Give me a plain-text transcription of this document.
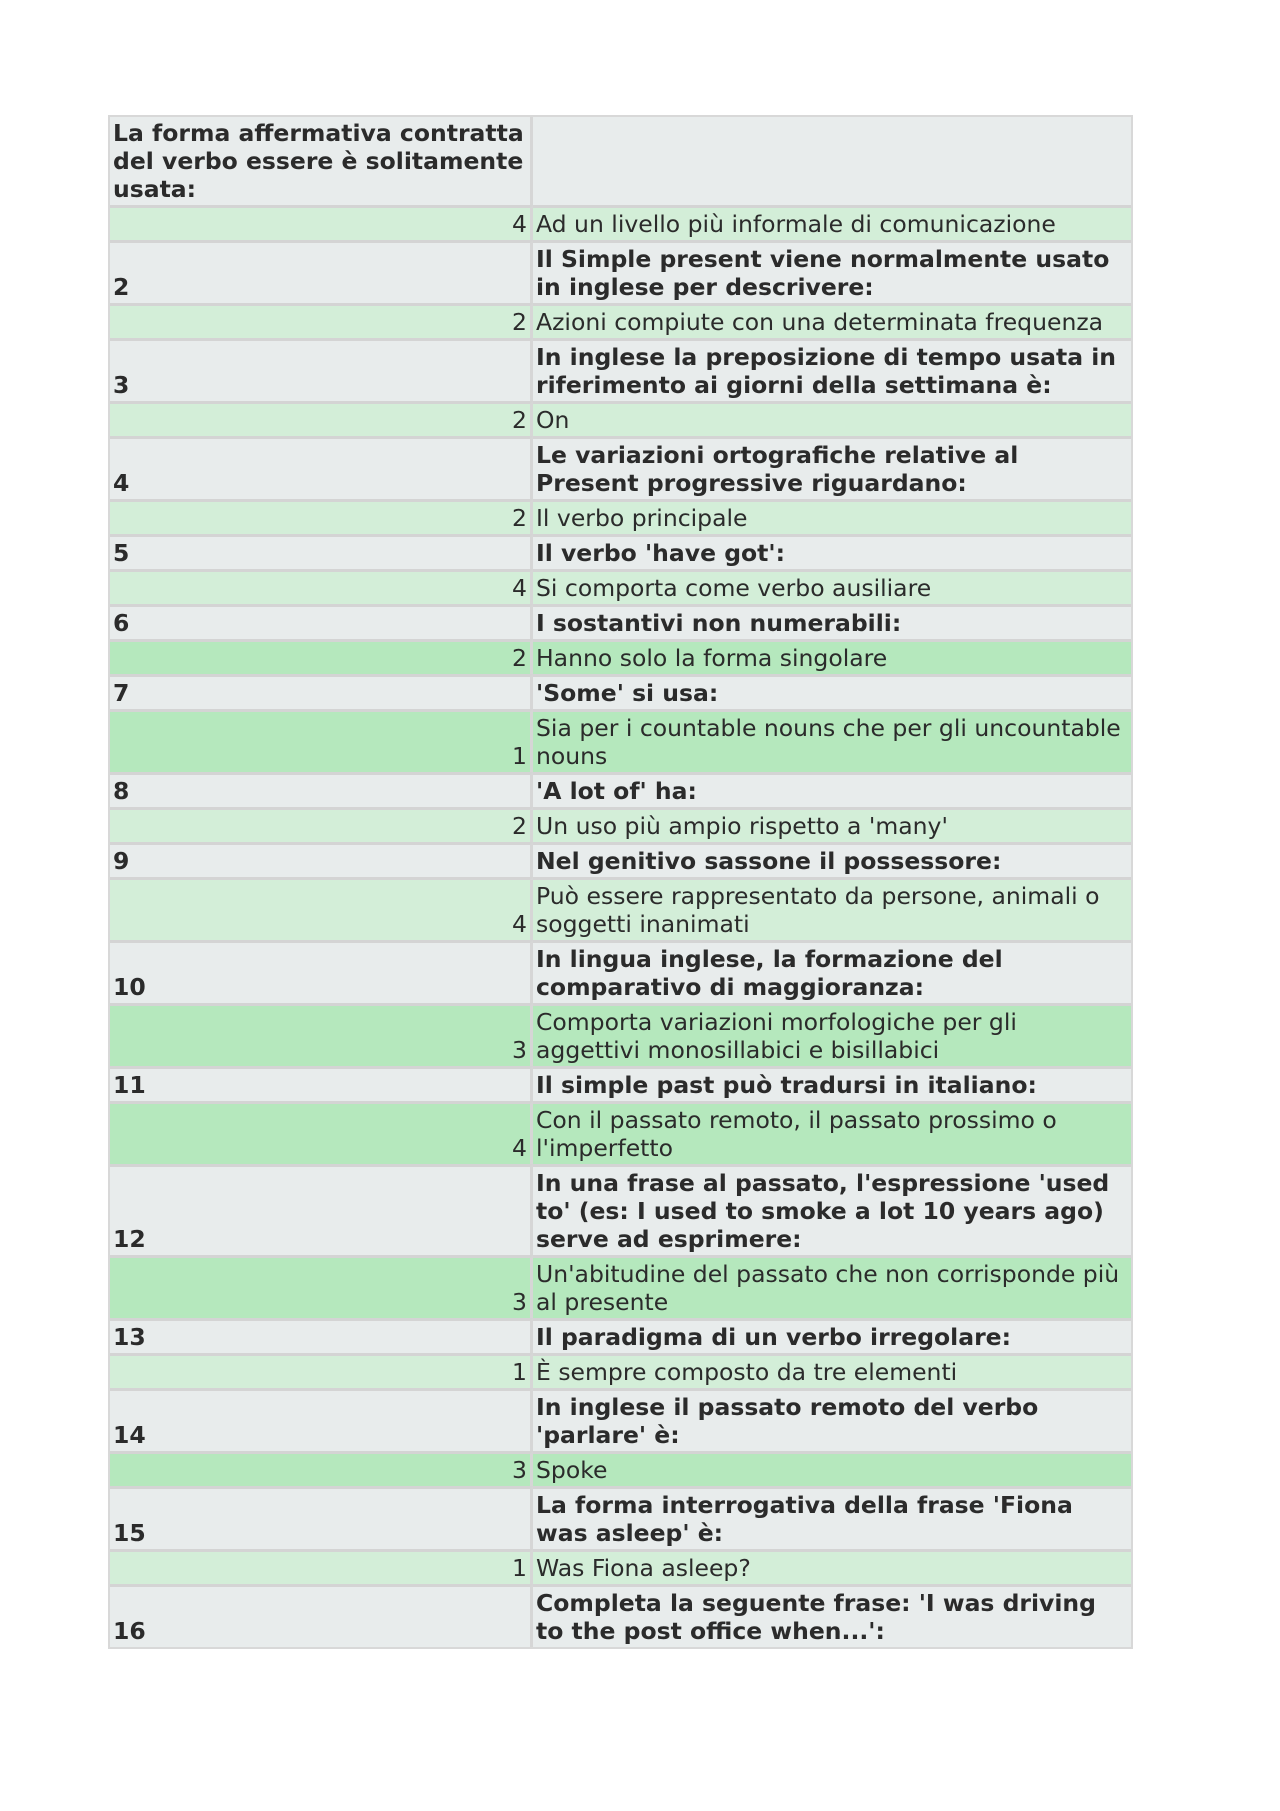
La forma affermativa contratta del verbo essere è solitamente usata:	
4	Ad un livello più informale di comunicazione
2	Il Simple present viene normalmente usato in inglese per descrivere:
2	Azioni compiute con una determinata frequenza
3	In inglese la preposizione di tempo usata in riferimento ai giorni della settimana è:
2	On
4	Le variazioni ortografiche relative al Present progressive riguardano:
2	Il verbo principale
5	Il verbo 'have got':
4	Si comporta come verbo ausiliare
6	I sostantivi non numerabili:
2	Hanno solo la forma singolare
7	'Some' si usa:
1	Sia per i countable nouns che per gli uncountable nouns
8	'A lot of' ha:
2	Un uso più ampio rispetto a 'many'
9	Nel genitivo sassone il possessore:
4	Può essere rappresentato da persone, animali o soggetti inanimati
10	In lingua inglese, la formazione del comparativo di maggioranza:
3	Comporta variazioni morfologiche per gli aggettivi monosillabici e bisillabici
11	Il simple past può tradursi in italiano:
4	Con il passato remoto, il passato prossimo o l'imperfetto
12	In una frase al passato, l'espressione 'used to' (es: I used to smoke a lot 10 years ago) serve ad esprimere:
3	Un'abitudine del passato che non corrisponde più al presente
13	Il paradigma di un verbo irregolare:
1	È sempre composto da tre elementi
14	In inglese il passato remoto del verbo 'parlare' è:
3	Spoke
15	La forma interrogativa della frase 'Fiona was asleep' è:
1	Was Fiona asleep?
16	Completa la seguente frase: 'I was driving to the post office when...':
